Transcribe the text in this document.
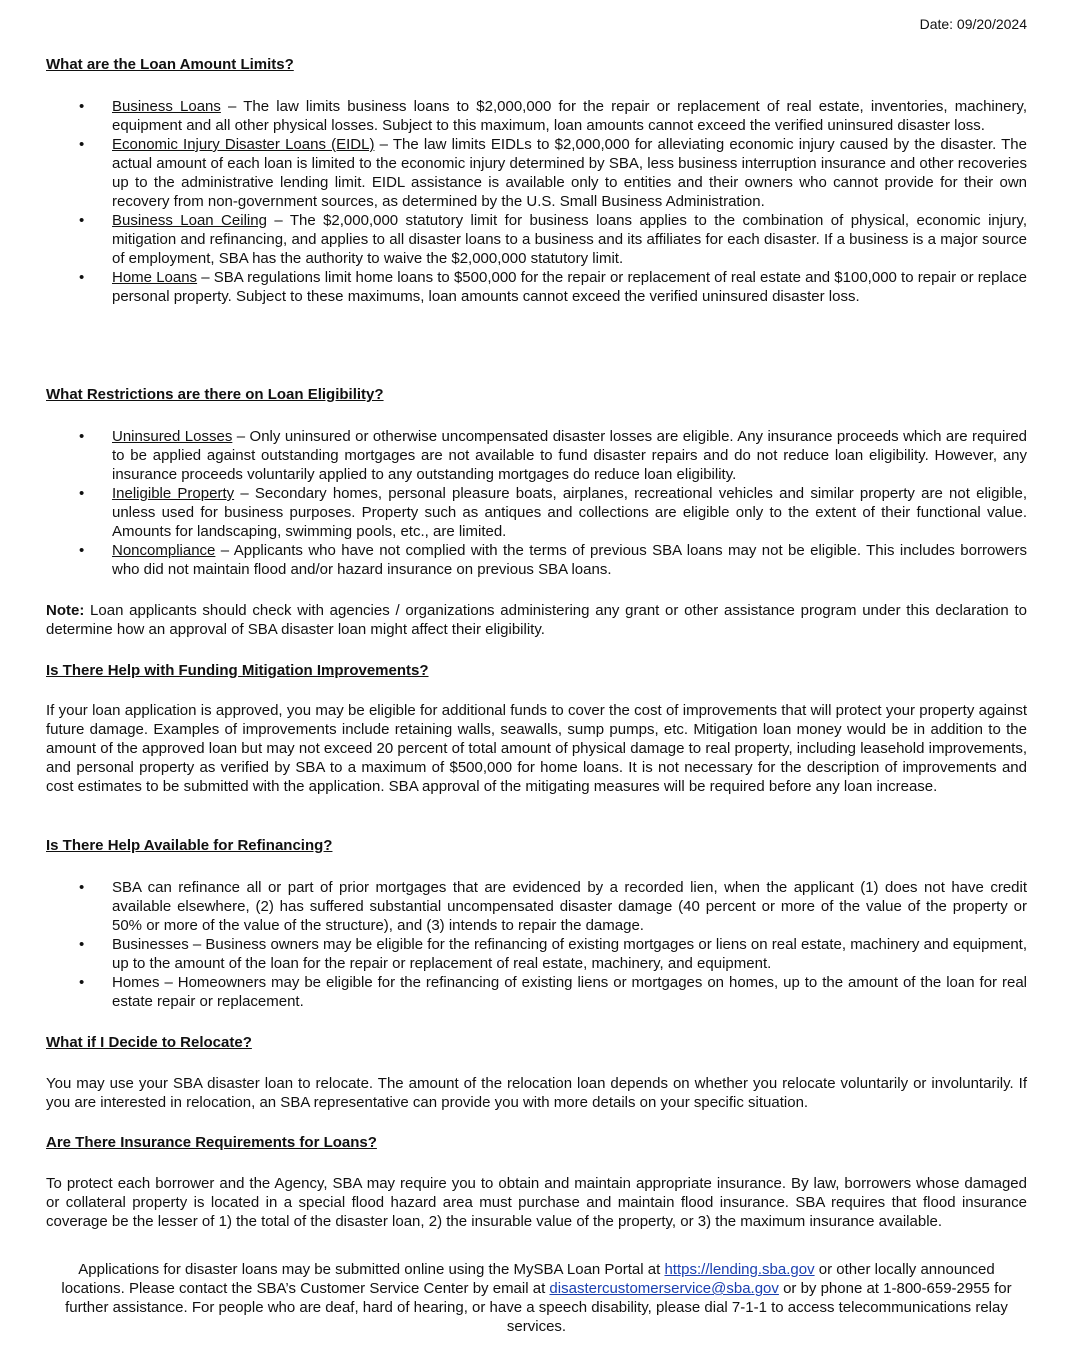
Date: 09/20/2024
What are the Loan Amount Limits?
• Business Loans – The law limits business loans to $2,000,000 for the repair or replacement of real estate, inventories, machinery, equipment and all other physical losses. Subject to this maximum, loan amounts cannot exceed the verified uninsured disaster loss.
• Economic Injury Disaster Loans (EIDL) – The law limits EIDLs to $2,000,000 for alleviating economic injury caused by the disaster. The actual amount of each loan is limited to the economic injury determined by SBA, less business interruption insurance and other recoveries up to the administrative lending limit. EIDL assistance is available only to entities and their owners who cannot provide for their own recovery from non-government sources, as determined by the U.S. Small Business Administration.
• Business Loan Ceiling – The $2,000,000 statutory limit for business loans applies to the combination of physical, economic injury, mitigation and refinancing, and applies to all disaster loans to a business and its affiliates for each disaster. If a business is a major source of employment, SBA has the authority to waive the $2,000,000 statutory limit.
• Home Loans – SBA regulations limit home loans to $500,000 for the repair or replacement of real estate and $100,000 to repair or replace personal property. Subject to these maximums, loan amounts cannot exceed the verified uninsured disaster loss.
What Restrictions are there on Loan Eligibility?
• Uninsured Losses – Only uninsured or otherwise uncompensated disaster losses are eligible. Any insurance proceeds which are required to be applied against outstanding mortgages are not available to fund disaster repairs and do not reduce loan eligibility. However, any insurance proceeds voluntarily applied to any outstanding mortgages do reduce loan eligibility.
• Ineligible Property – Secondary homes, personal pleasure boats, airplanes, recreational vehicles and similar property are not eligible, unless used for business purposes. Property such as antiques and collections are eligible only to the extent of their functional value. Amounts for landscaping, swimming pools, etc., are limited.
• Noncompliance – Applicants who have not complied with the terms of previous SBA loans may not be eligible. This includes borrowers who did not maintain flood and/or hazard insurance on previous SBA loans.

Note: Loan applicants should check with agencies / organizations administering any grant or other assistance program under this declaration to determine how an approval of SBA disaster loan might affect their eligibility.

Is There Help with Funding Mitigation Improvements?

If your loan application is approved, you may be eligible for additional funds to cover the cost of improvements that will protect your property against future damage. Examples of improvements include retaining walls, seawalls, sump pumps, etc. Mitigation loan money would be in addition to the amount of the approved loan but may not exceed 20 percent of total amount of physical damage to real property, including leasehold improvements, and personal property as verified by SBA to a maximum of $500,000 for home loans. It is not necessary for the description of improvements and cost estimates to be submitted with the application. SBA approval of the mitigating measures will be required before any loan increase.

Is There Help Available for Refinancing?
• SBA can refinance all or part of prior mortgages that are evidenced by a recorded lien, when the applicant (1) does not have credit available elsewhere, (2) has suffered substantial uncompensated disaster damage (40 percent or more of the value of the property or 50% or more of the value of the structure), and (3) intends to repair the damage.
• Businesses – Business owners may be eligible for the refinancing of existing mortgages or liens on real estate, machinery and equipment, up to the amount of the loan for the repair or replacement of real estate, machinery, and equipment.
• Homes – Homeowners may be eligible for the refinancing of existing liens or mortgages on homes, up to the amount of the loan for real estate repair or replacement.
What if I Decide to Relocate?

You may use your SBA disaster loan to relocate. The amount of the relocation loan depends on whether you relocate voluntarily or involuntarily. If you are interested in relocation, an SBA representative can provide you with more details on your specific situation.

Are There Insurance Requirements for Loans?

To protect each borrower and the Agency, SBA may require you to obtain and maintain appropriate insurance. By law, borrowers whose damaged or collateral property is located in a special flood hazard area must purchase and maintain flood insurance. SBA requires that flood insurance coverage be the lesser of 1) the total of the disaster loan, 2) the insurable value of the property, or 3) the maximum insurance available.

Applications for disaster loans may be submitted online using the MySBA Loan Portal at https://lending.sba.gov or other locally announced locations. Please contact the SBA’s Customer Service Center by email at disastercustomerservice@sba.gov or by phone at 1-800-659-2955 for further assistance. For people who are deaf, hard of hearing, or have a speech disability, please dial 7-1-1 to access telecommunications relay services.
